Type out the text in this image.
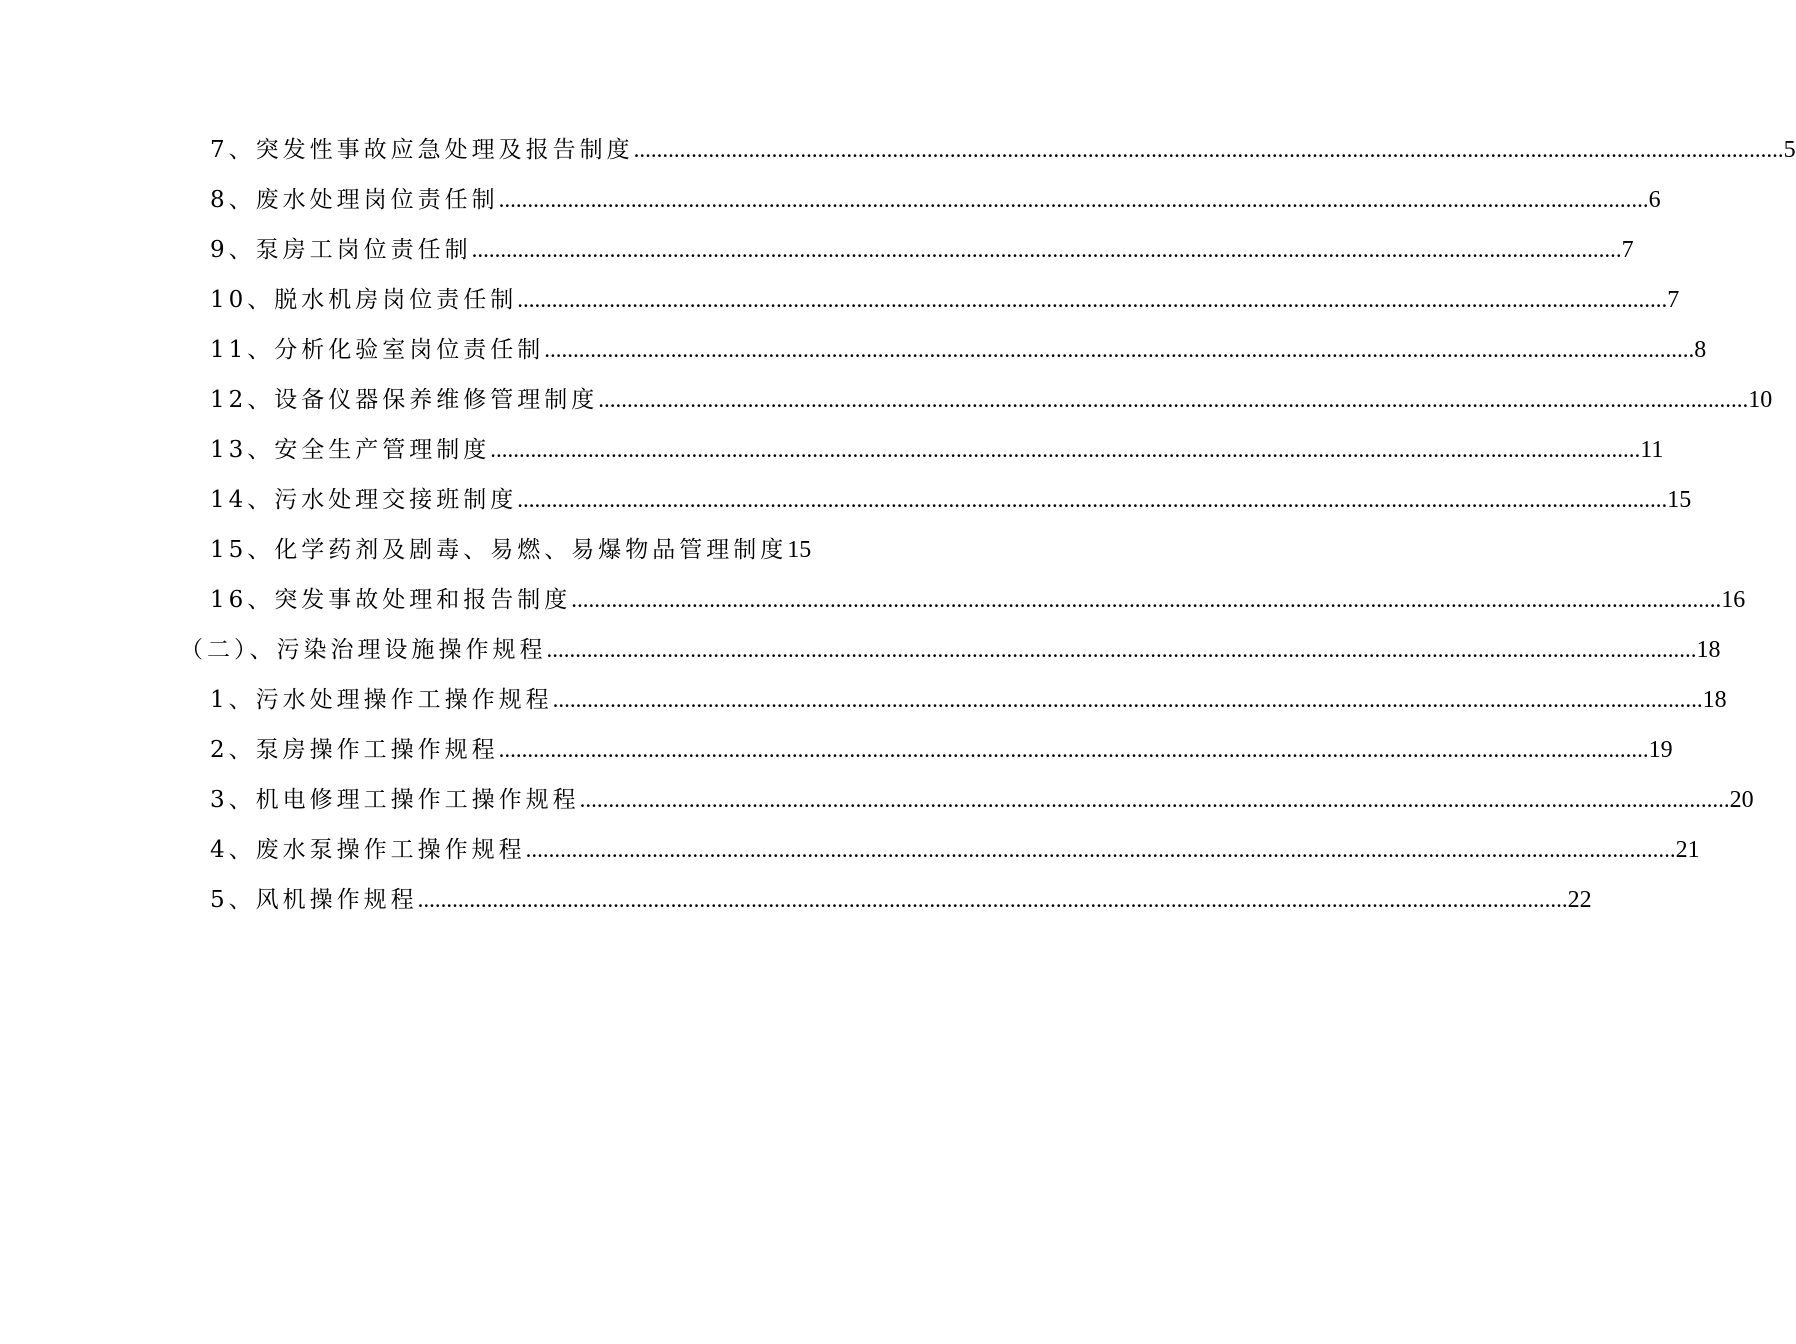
7、突发性事故应急处理及报告制度 ........................................................................................................................................................................................................ 5
8、废水处理岗位责任制 ........................................................................................................................................................................................................ 6
9、泵房工岗位责任制 ........................................................................................................................................................................................................ 7
10、脱水机房岗位责任制 ........................................................................................................................................................................................................ 7
11、分析化验室岗位责任制 ........................................................................................................................................................................................................ 8
12、设备仪器保养维修管理制度 ........................................................................................................................................................................................................ 10
13、安全生产管理制度 ........................................................................................................................................................................................................ 11
14、污水处理交接班制度 ........................................................................................................................................................................................................ 15
15、化学药剂及剧毒、易燃、易爆物品管理制度 15
16、突发事故处理和报告制度 ........................................................................................................................................................................................................ 16
（二）、污染治理设施操作规程 ........................................................................................................................................................................................................ 18
1、污水处理操作工操作规程 ........................................................................................................................................................................................................ 18
2、泵房操作工操作规程 ........................................................................................................................................................................................................ 19
3、机电修理工操作工操作规程 ........................................................................................................................................................................................................ 20
4、废水泵操作工操作规程 ........................................................................................................................................................................................................ 21
5、风机操作规程 ........................................................................................................................................................................................................ 22
